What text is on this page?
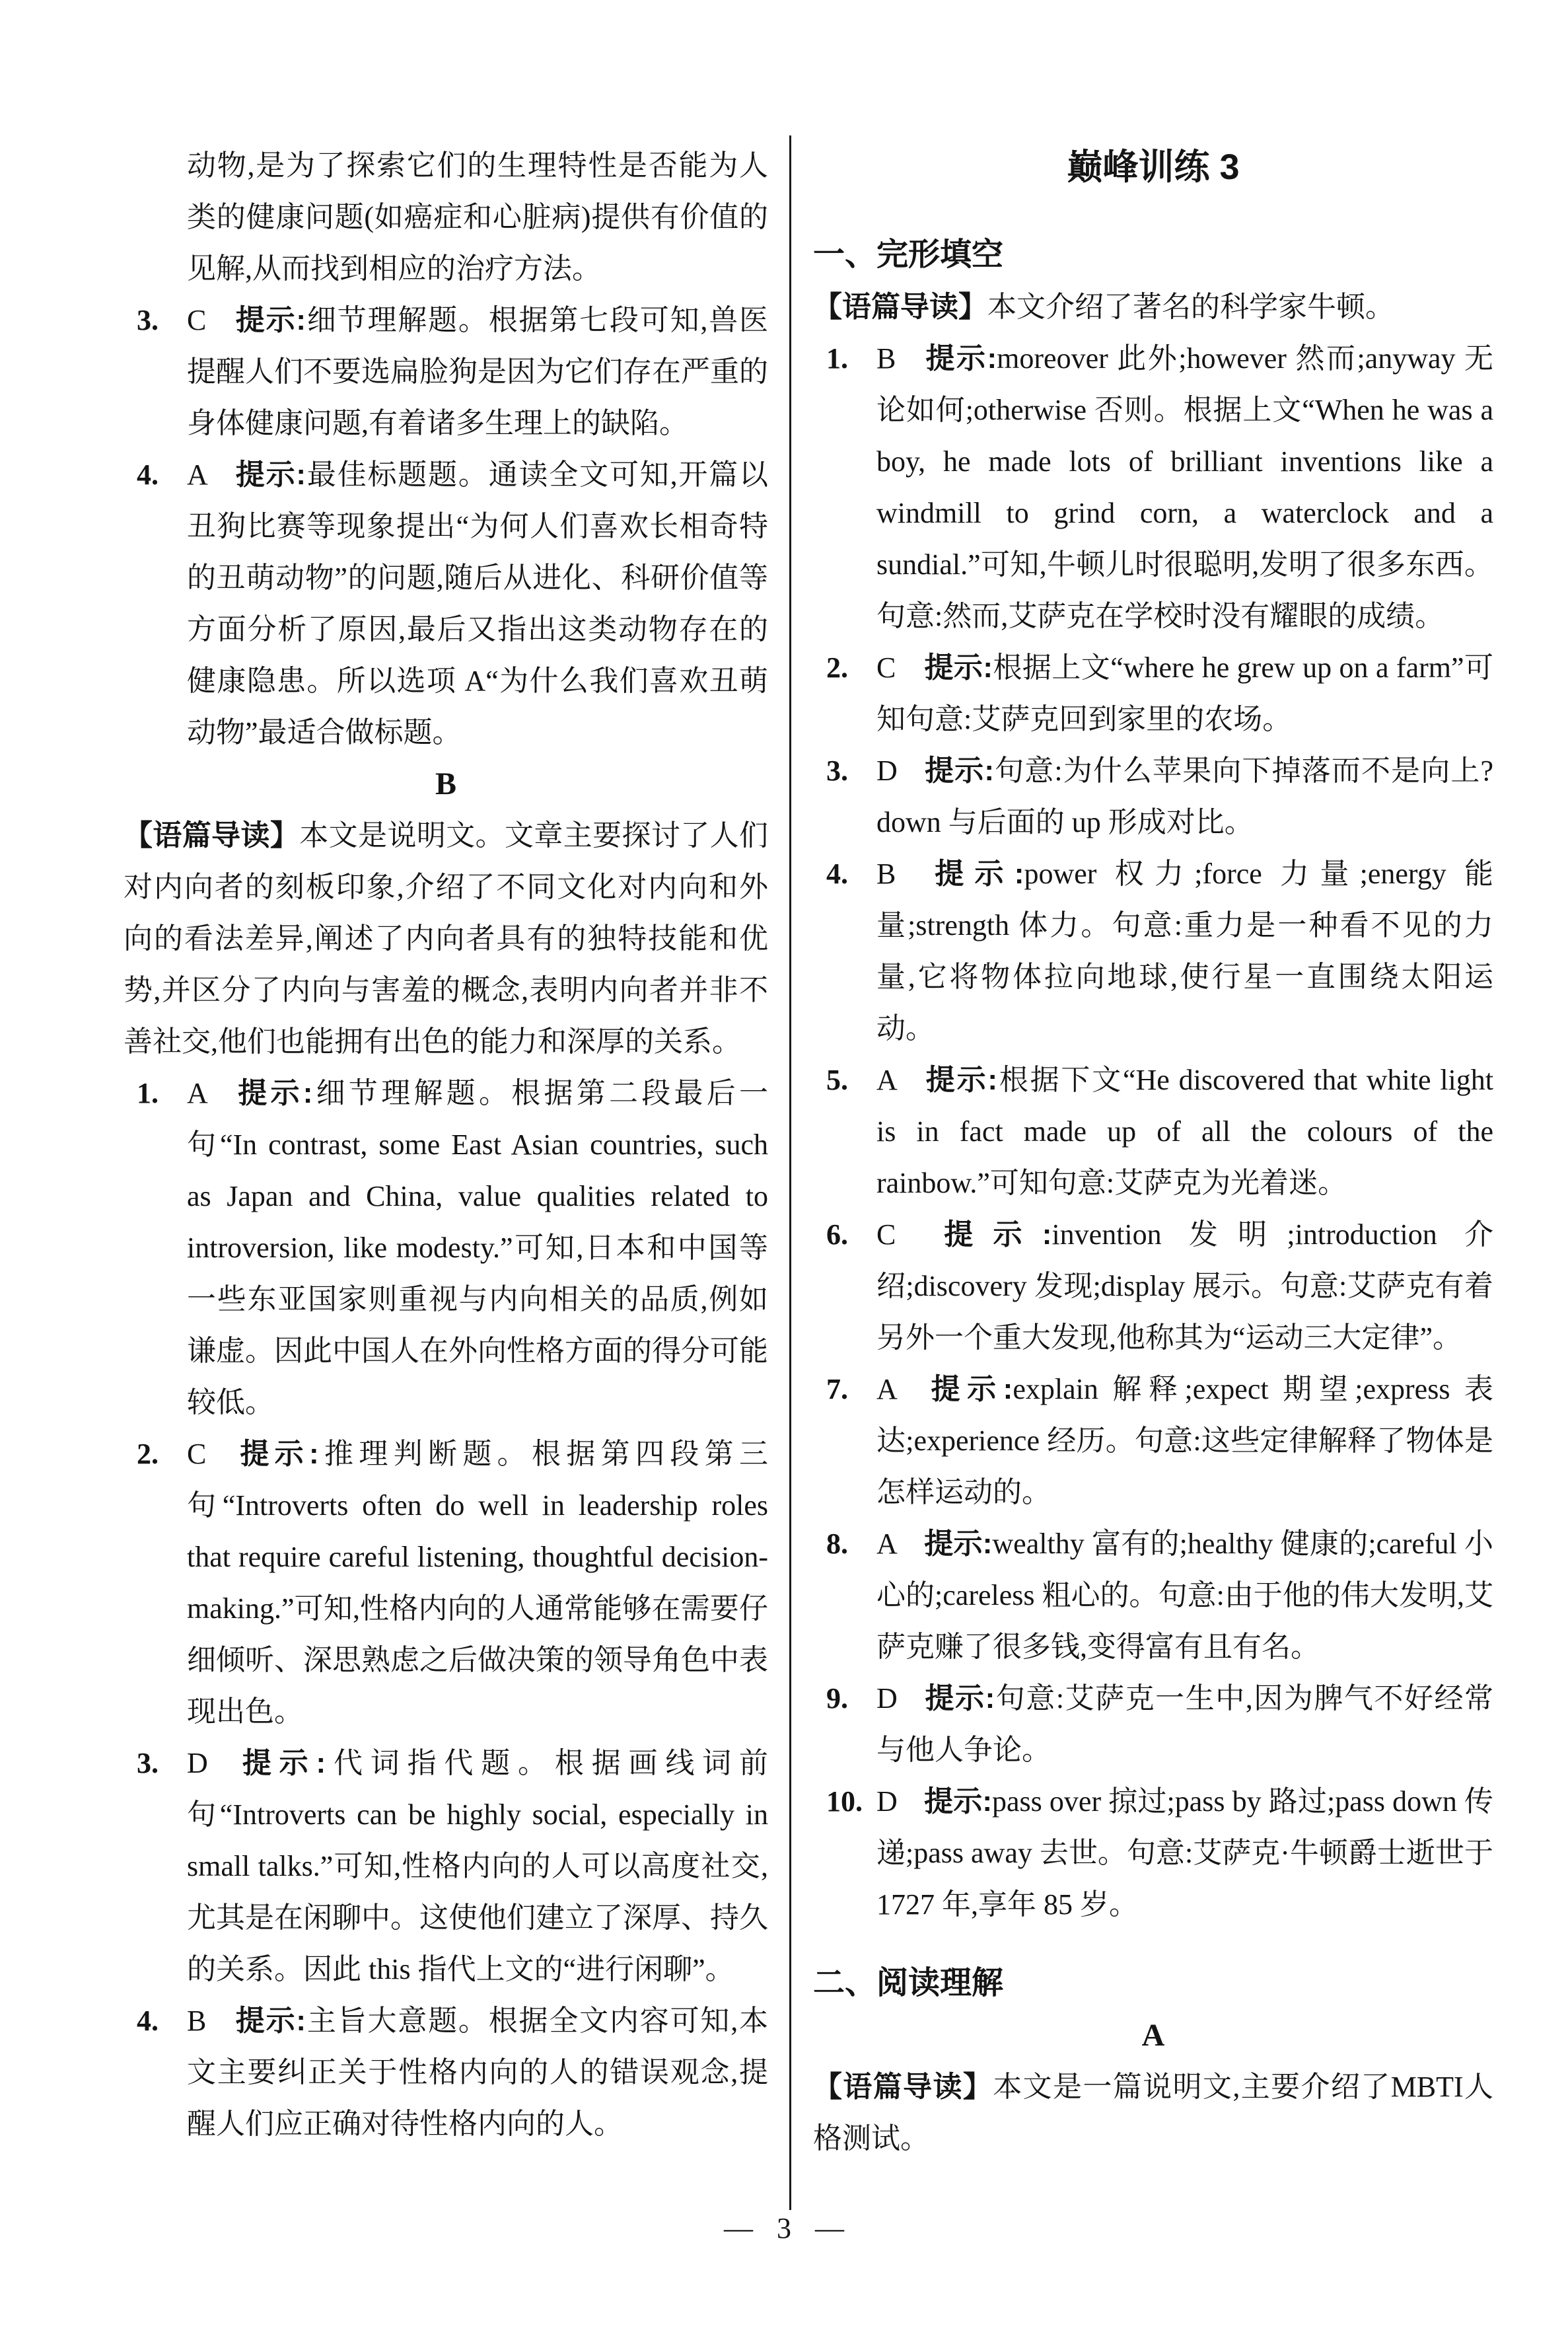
动物,是为了探索它们的生理特性是否能为人类的健康问题(如癌症和心脏病)提供有价值的见解,从而找到相应的治疗方法。
3. C 提示:细节理解题。根据第七段可知,兽医提醒人们不要选扁脸狗是因为它们存在严重的身体健康问题,有着诸多生理上的缺陷。
4. A 提示:最佳标题题。通读全文可知,开篇以丑狗比赛等现象提出“为何人们喜欢长相奇特的丑萌动物”的问题,随后从进化、科研价值等方面分析了原因,最后又指出这类动物存在的健康隐患。所以选项 A“为什么我们喜欢丑萌动物”最适合做标题。
B
【语篇导读】本文是说明文。文章主要探讨了人们对内向者的刻板印象,介绍了不同文化对内向和外向的看法差异,阐述了内向者具有的独特技能和优势,并区分了内向与害羞的概念,表明内向者并非不善社交,他们也能拥有出色的能力和深厚的关系。
1. A 提示:细节理解题。根据第二段最后一句“In contrast, some East Asian countries, such as Japan and China, value qualities related to introversion, like modesty.”可知,日本和中国等一些东亚国家则重视与内向相关的品质,例如谦虚。因此中国人在外向性格方面的得分可能较低。
2. C 提示:推理判断题。根据第四段第三句“Introverts often do well in leadership roles that require careful listening, thoughtful decision-making.”可知,性格内向的人通常能够在需要仔细倾听、深思熟虑之后做决策的领导角色中表现出色。
3. D 提示:代词指代题。根据画线词前句“Introverts can be highly social, especially in small talks.”可知,性格内向的人可以高度社交,尤其是在闲聊中。这使他们建立了深厚、持久的关系。因此 this 指代上文的“进行闲聊”。
4. B 提示:主旨大意题。根据全文内容可知,本文主要纠正关于性格内向的人的错误观念,提醒人们应正确对待性格内向的人。
巅峰训练 3
一、完形填空
【语篇导读】本文介绍了著名的科学家牛顿。
1. B 提示:moreover 此外;however 然而;anyway 无论如何;otherwise 否则。根据上文“When he was a boy, he made lots of brilliant inventions like a windmill to grind corn, a waterclock and a sundial.”可知,牛顿儿时很聪明,发明了很多东西。句意:然而,艾萨克在学校时没有耀眼的成绩。
2. C 提示:根据上文“where he grew up on a farm”可知句意:艾萨克回到家里的农场。
3. D 提示:句意:为什么苹果向下掉落而不是向上? down 与后面的 up 形成对比。
4. B 提示:power 权力;force 力量;energy 能量;strength 体力。句意:重力是一种看不见的力量,它将物体拉向地球,使行星一直围绕太阳运动。
5. A 提示:根据下文“He discovered that white light is in fact made up of all the colours of the rainbow.”可知句意:艾萨克为光着迷。
6. C 提示:invention 发明;introduction 介绍;discovery 发现;display 展示。句意:艾萨克有着另外一个重大发现,他称其为“运动三大定律”。
7. A 提示:explain 解释;expect 期望;express 表达;experience 经历。句意:这些定律解释了物体是怎样运动的。
8. A 提示:wealthy 富有的;healthy 健康的;careful 小心的;careless 粗心的。句意:由于他的伟大发明,艾萨克赚了很多钱,变得富有且有名。
9. D 提示:句意:艾萨克一生中,因为脾气不好经常与他人争论。
10. D 提示:pass over 掠过;pass by 路过;pass down 传递;pass away 去世。句意:艾萨克·牛顿爵士逝世于 1727 年,享年 85 岁。
二、阅读理解
A
【语篇导读】本文是一篇说明文,主要介绍了MBTI人格测试。
— 3 —
